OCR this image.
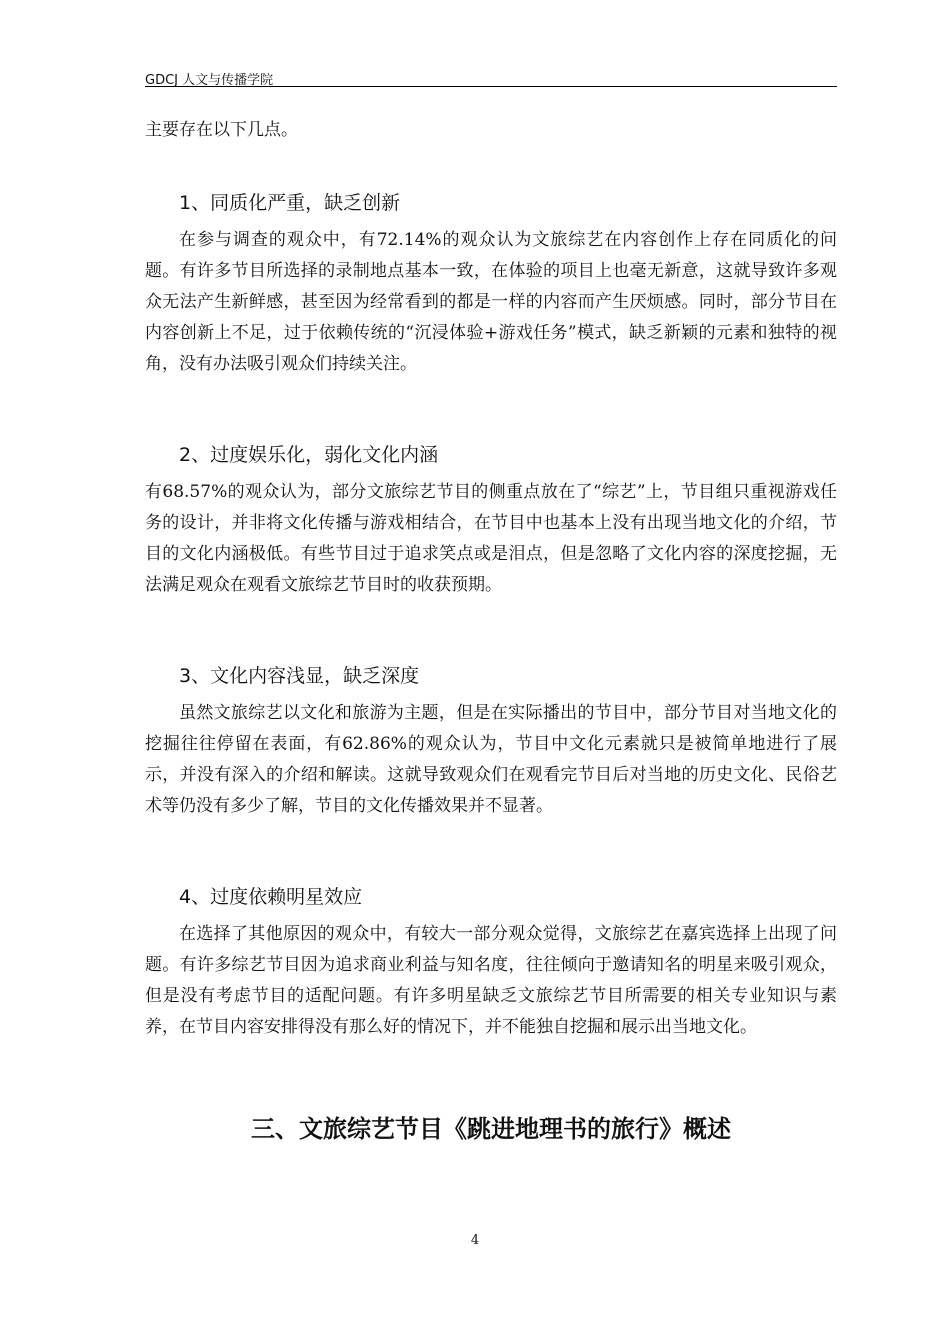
GDCJ 人文与传播学院

主要存在以下几点。

1、同质化严重，缺乏创新

在参与调查的观众中，有72.14%的观众认为文旅综艺在内容创作上存在同质化的问题。有许多节目所选择的录制地点基本一致，在体验的项目上也毫无新意，这就导致许多观众无法产生新鲜感，甚至因为经常看到的都是一样的内容而产生厌烦感。同时，部分节目在内容创新上不足，过于依赖传统的“沉浸体验+游戏任务”模式，缺乏新颖的元素和独特的视角，没有办法吸引观众们持续关注。

2、过度娱乐化，弱化文化内涵

有68.57%的观众认为，部分文旅综艺节目的侧重点放在了“综艺”上，节目组只重视游戏任务的设计，并非将文化传播与游戏相结合，在节目中也基本上没有出现当地文化的介绍，节目的文化内涵极低。有些节目过于追求笑点或是泪点，但是忽略了文化内容的深度挖掘，无法满足观众在观看文旅综艺节目时的收获预期。

3、文化内容浅显，缺乏深度

虽然文旅综艺以文化和旅游为主题，但是在实际播出的节目中，部分节目对当地文化的挖掘往往停留在表面，有62.86%的观众认为，节目中文化元素就只是被简单地进行了展示，并没有深入的介绍和解读。这就导致观众们在观看完节目后对当地的历史文化、民俗艺术等仍没有多少了解，节目的文化传播效果并不显著。

4、过度依赖明星效应

在选择了其他原因的观众中，有较大一部分观众觉得，文旅综艺在嘉宾选择上出现了问题。有许多综艺节目因为追求商业利益与知名度，往往倾向于邀请知名的明星来吸引观众，但是没有考虑节目的适配问题。有许多明星缺乏文旅综艺节目所需要的相关专业知识与素养，在节目内容安排得没有那么好的情况下，并不能独自挖掘和展示出当地文化。

三、文旅综艺节目《跳进地理书的旅行》概述
4
